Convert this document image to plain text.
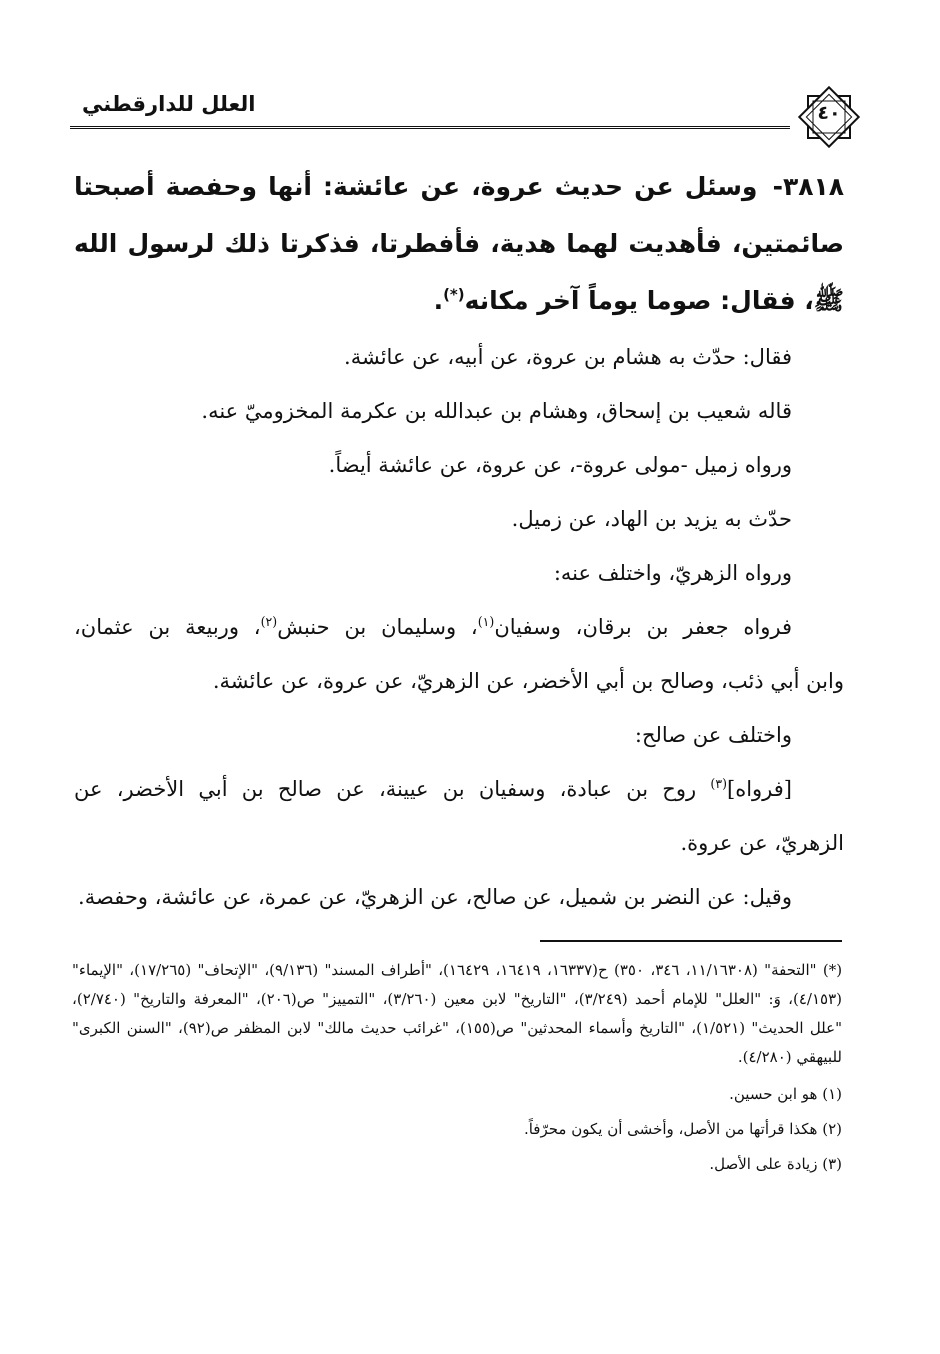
العلل للدارقطني	٤٠
٣٨١٨- وسئل عن حديث عروة، عن عائشة: أنها وحفصة أصبحتا صائمتين، فأهديت لهما هدية، فأفطرتا، فذكرتا ذلك لرسول الله ﷺ، فقال: صوما يوماً آخر مكانه(*).
فقال: حدّث به هشام بن عروة، عن أبيه، عن عائشة.
قاله شعيب بن إسحاق، وهشام بن عبدالله بن عكرمة المخزوميّ عنه.
ورواه زميل -مولى عروة-، عن عروة، عن عائشة أيضاً.
حدّث به يزيد بن الهاد، عن زميل.
ورواه الزهريّ، واختلف عنه:
فرواه جعفر بن برقان، وسفيان$^{(١)}$، وسليمان بن حنبش$^{(٢)}$، وربيعة بن عثمان،
وابن أبي ذئب، وصالح بن أبي الأخضر، عن الزهريّ، عن عروة، عن عائشة.
واختلف عن صالح:
[فرواه]$^{(٣)}$ روح بن عبادة، وسفيان بن عيينة، عن صالح بن أبي الأخضر، عن
الزهريّ، عن عروة.
وقيل: عن النضر بن شميل، عن صالح، عن الزهريّ، عن عمرة، عن عائشة، وحفصة.
(*) "التحفة" (١١/١٦٣٠٨، ٣٤٦، ٣٥٠) ح(١٦٣٣٧، ١٦٤١٩، ١٦٤٢٩)، "أطراف المسند" (٩/١٣٦)، "الإتحاف" (١٧/٢٦٥)، "الإيماء" (٤/١٥٣)، وَ: "العلل" للإمام أحمد (٣/٢٤٩)، "التاريخ" لابن معين (٣/٢٦٠)، "التمييز" ص(٢٠٦)، "المعرفة والتاريخ" (٢/٧٤٠)، "علل الحديث" (١/٥٢١)، "التاريخ وأسماء المحدثين" ص(١٥٥)، "غرائب حديث مالك" لابن المظفر ص(٩٢)، "السنن الكبرى" للبيهقي (٤/٢٨٠).
(١) هو ابن حسين.
(٢) هكذا قرأتها من الأصل، وأخشى أن يكون محرّفاً.
(٣) زيادة على الأصل.
